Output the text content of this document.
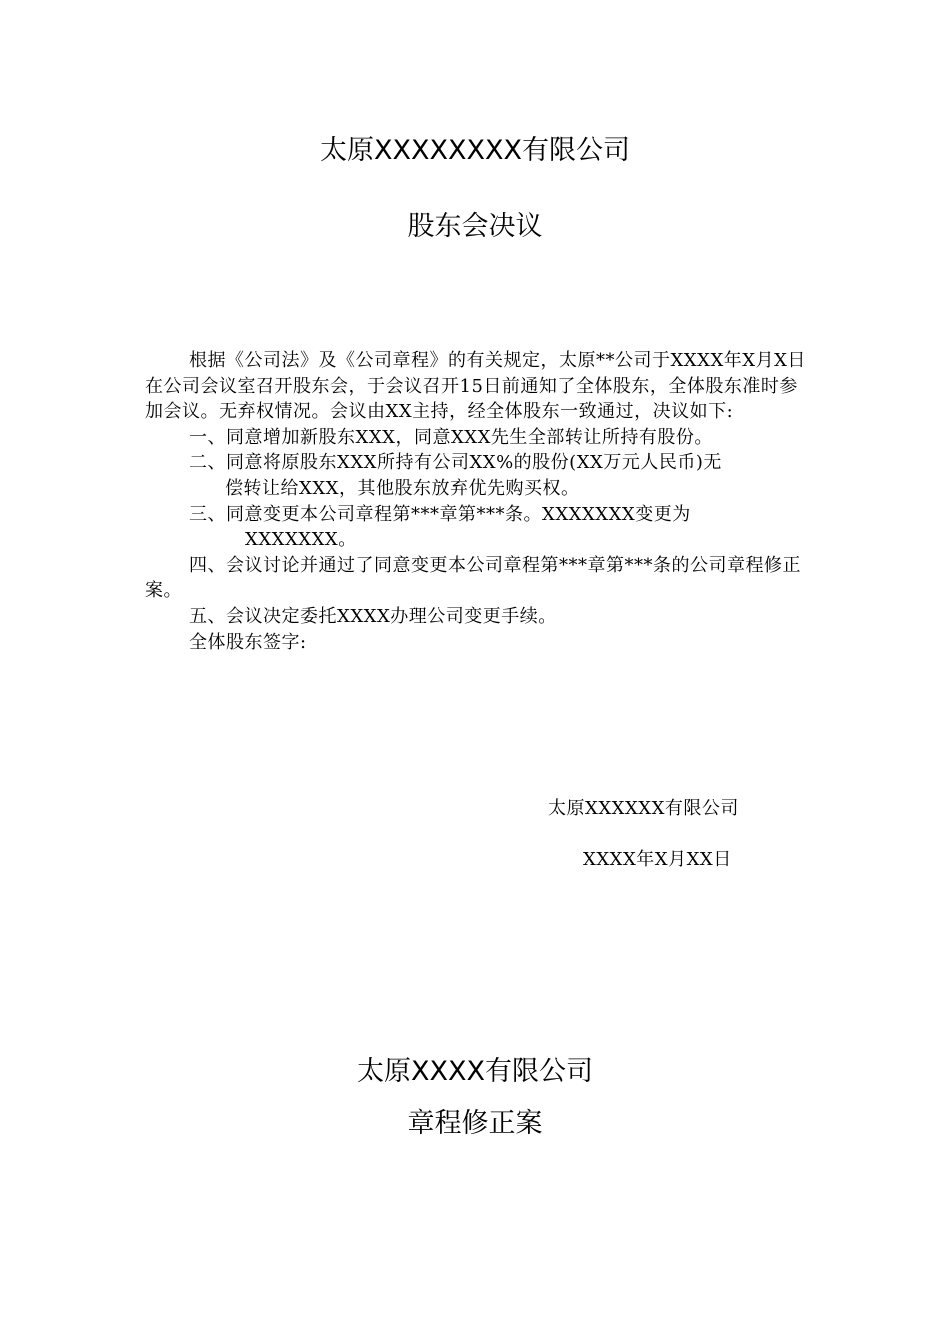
太原XXXXXXXX有限公司
股东会决议

根据《公司法》及《公司章程》的有关规定，太原**公司于XXXX年X月X日在公司会议室召开股东会，于会议召开15日前通知了全体股东，全体股东准时参加会议。无弃权情况。会议由XX主持，经全体股东一致通过，决议如下:

一、同意增加新股东XXX，同意XXX先生全部转让所持有股份。

二、同意将原股东XXX所持有公司XX%的股份(XX万元人民币)无
偿转让给XXX，其他股东放弃优先购买权。

三、同意变更本公司章程第***章第***条。XXXXXXX变更为
XXXXXXX。

四、会议讨论并通过了同意变更本公司章程第***章第***条的公司章程修正案。

五、会议决定委托XXXX办理公司变更手续。

全体股东签字:

太原XXXXXX有限公司

XXXX年X月XX日

太原XXXX有限公司
章程修正案
